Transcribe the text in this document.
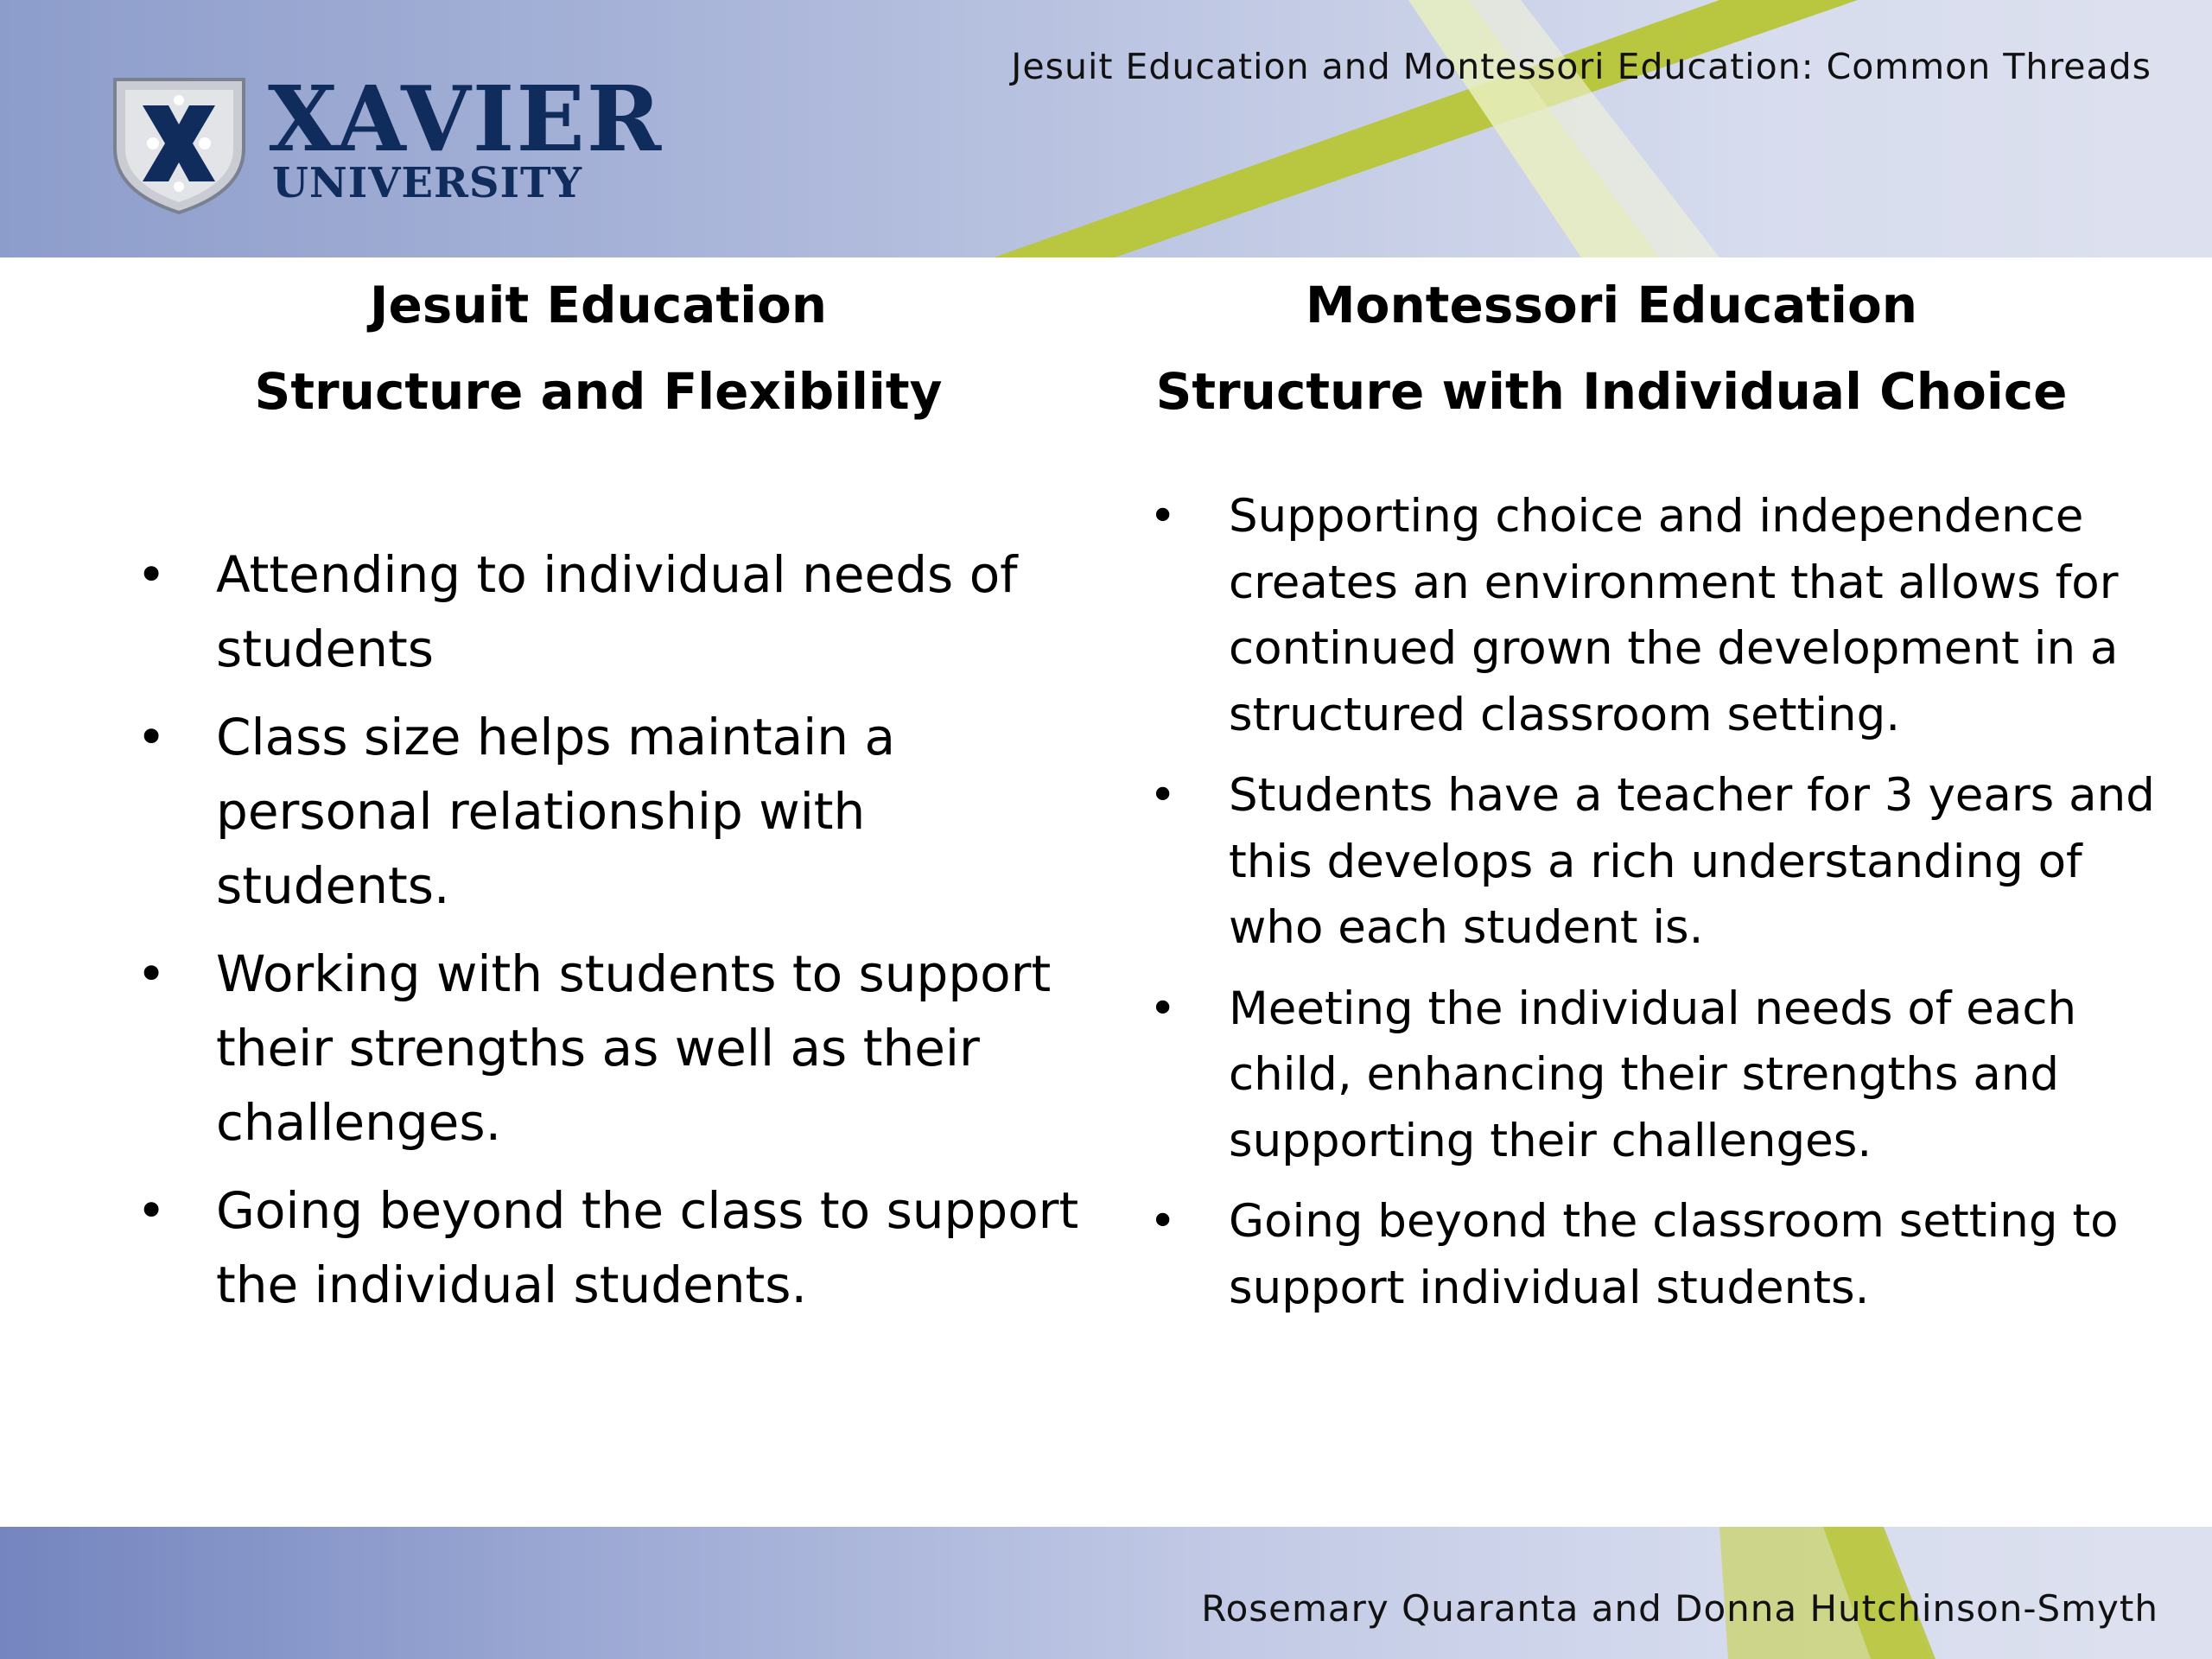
XAVIER
UNIVERSITY
Jesuit Education and Montessori Education: Common Threads
Jesuit Education
Structure and Flexibility
Montessori Education
Structure with Individual Choice
• Attending to individual needs of students
• Class size helps maintain a personal relationship with students.
• Working with students to support their strengths as well as their challenges.
• Going beyond the class to support the individual students.
• Supporting choice and independence creates an environment that allows for continued grown the development in a structured classroom setting.
• Students have a teacher for 3 years and this develops a rich understanding of who each student is.
• Meeting the individual needs of each child, enhancing their strengths and supporting their challenges.
• Going beyond the classroom setting to support individual students.
Rosemary Quaranta and Donna Hutchinson-Smyth
